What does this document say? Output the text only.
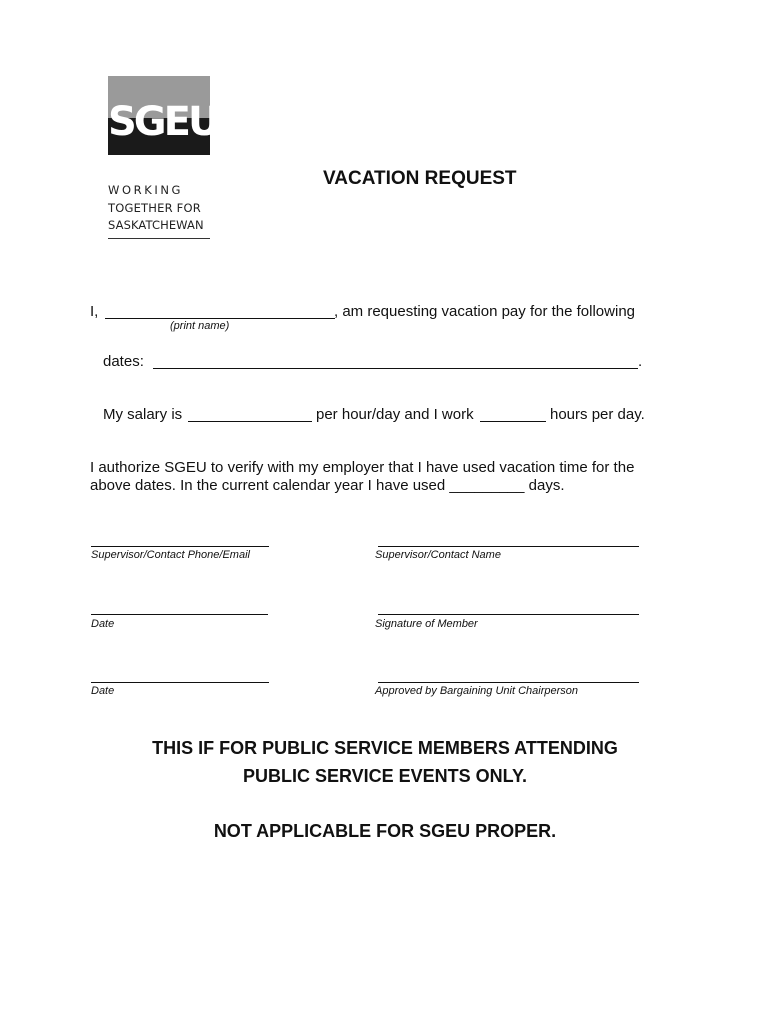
SGEU
WORKING
TOGETHER FOR
SASKATCHEWAN
VACATION REQUEST
I,	, am requesting vacation pay for the following
(print name)
dates:	.
My salary is	per hour/day and I work	hours per day.
I authorize SGEU to verify with my employer that I have used vacation time for the
above dates. In the current calendar year I have used _________ days.
Supervisor/Contact Phone/Email	Supervisor/Contact Name
Date	Signature of Member
Date	Approved by Bargaining Unit Chairperson
THIS IF FOR PUBLIC SERVICE MEMBERS ATTENDING
PUBLIC SERVICE EVENTS ONLY.
NOT APPLICABLE FOR SGEU PROPER.
